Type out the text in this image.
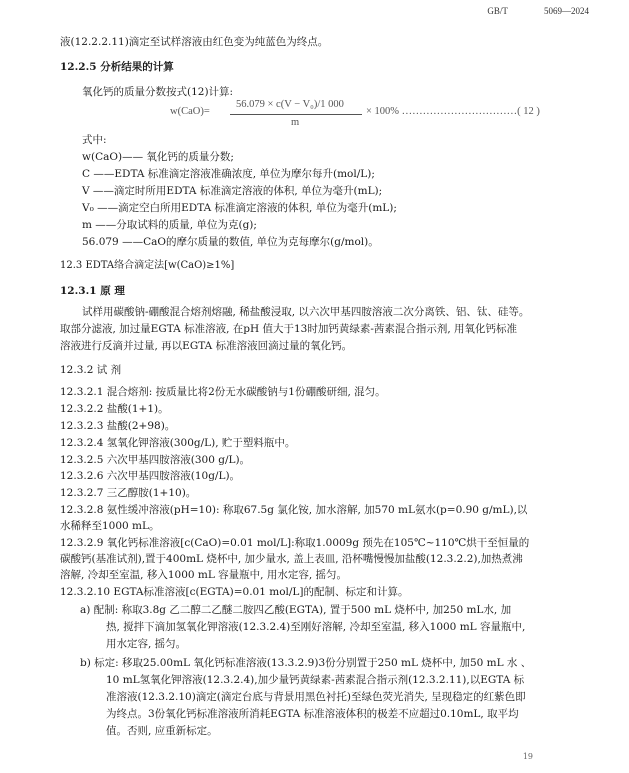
GB/T	5069—2024
液(12.2.2.11)滴定至试样溶液由红色变为纯蓝色为终点。
12.2.5 分析结果的计算
氧化钙的质量分数按式(12)计算:
w(CaO)=
56.079 × c(V − V₀)/1 000
m
× 100% ……………………………( 12 )
式中:
w(CaO)—— 氧化钙的质量分数;
C ——EDTA 标准滴定溶液准确浓度, 单位为摩尔每升(mol/L);
V ——滴定时所用EDTA 标准滴定溶液的体积, 单位为毫升(mL);
V₀ ——滴定空白所用EDTA 标准滴定溶液的体积, 单位为毫升(mL);
m ——分取试料的质量, 单位为克(g);
56.079 ——CaO的摩尔质量的数值, 单位为克每摩尔(g/mol)。
12.3 EDTA络合滴定法[w(CaO)≥1%]
12.3.1 原 理
试样用碳酸钠-硼酸混合熔剂熔融, 稀盐酸浸取, 以六次甲基四胺溶液二次分离铁、铝、钛、硅等。
取部分滤液, 加过量EGTA 标准溶液, 在pH 值大于13时加钙黄绿素-茜素混合指示剂, 用氧化钙标准
溶液进行反滴并过量, 再以EGTA 标准溶液回滴过量的氧化钙。
12.3.2 试 剂
12.3.2.1 混合熔剂: 按质量比将2份无水碳酸钠与1份硼酸研细, 混匀。
12.3.2.2 盐酸(1+1)。
12.3.2.3 盐酸(2+98)。
12.3.2.4 氢氧化钾溶液(300g/L), 贮于塑料瓶中。
12.3.2.5 六次甲基四胺溶液(300 g/L)。
12.3.2.6 六次甲基四胺溶液(10g/L)。
12.3.2.7 三乙醇胺(1+10)。
12.3.2.8 氨性缓冲溶液(pH=10): 称取67.5g 氯化铵, 加水溶解, 加570 mL氨水(p=0.90 g/mL),以
水稀释至1000 mL。
12.3.2.9 氧化钙标准溶液[c(CaO)=0.01 mol/L]:称取1.0009g 预先在105℃~110℃烘干至恒量的
碳酸钙(基准试剂),置于400mL 烧杯中, 加少量水, 盖上表皿, 沿杯嘴慢慢加盐酸(12.3.2.2),加热煮沸
溶解, 冷却至室温, 移入1000 mL 容量瓶中, 用水定容, 摇匀。
12.3.2.10 EGTA标准溶液[c(EGTA)=0.01 mol/L]的配制、标定和计算。
a) 配制: 称取3.8g 乙二醇二乙醚二胺四乙酸(EGTA), 置于500 mL 烧杯中, 加250 mL水, 加
热, 搅拌下滴加氢氧化钾溶液(12.3.2.4)至刚好溶解, 冷却至室温, 移入1000 mL 容量瓶中,
用水定容, 摇匀。
b) 标定: 移取25.00mL 氧化钙标准溶液(13.3.2.9)3份分别置于250 mL 烧杯中, 加50 mL 水 、
10 mL氢氧化钾溶液(12.3.2.4),加少量钙黄绿素-茜素混合指示剂(12.3.2.11),以EGTA 标
准溶液(12.3.2.10)滴定(滴定台底与背景用黑色衬托)至绿色荧光消失, 呈现稳定的红紫色即
为终点。3份氧化钙标准溶液所消耗EGTA 标准溶液体积的极差不应超过0.10mL, 取平均
值。否则, 应重新标定。
19
